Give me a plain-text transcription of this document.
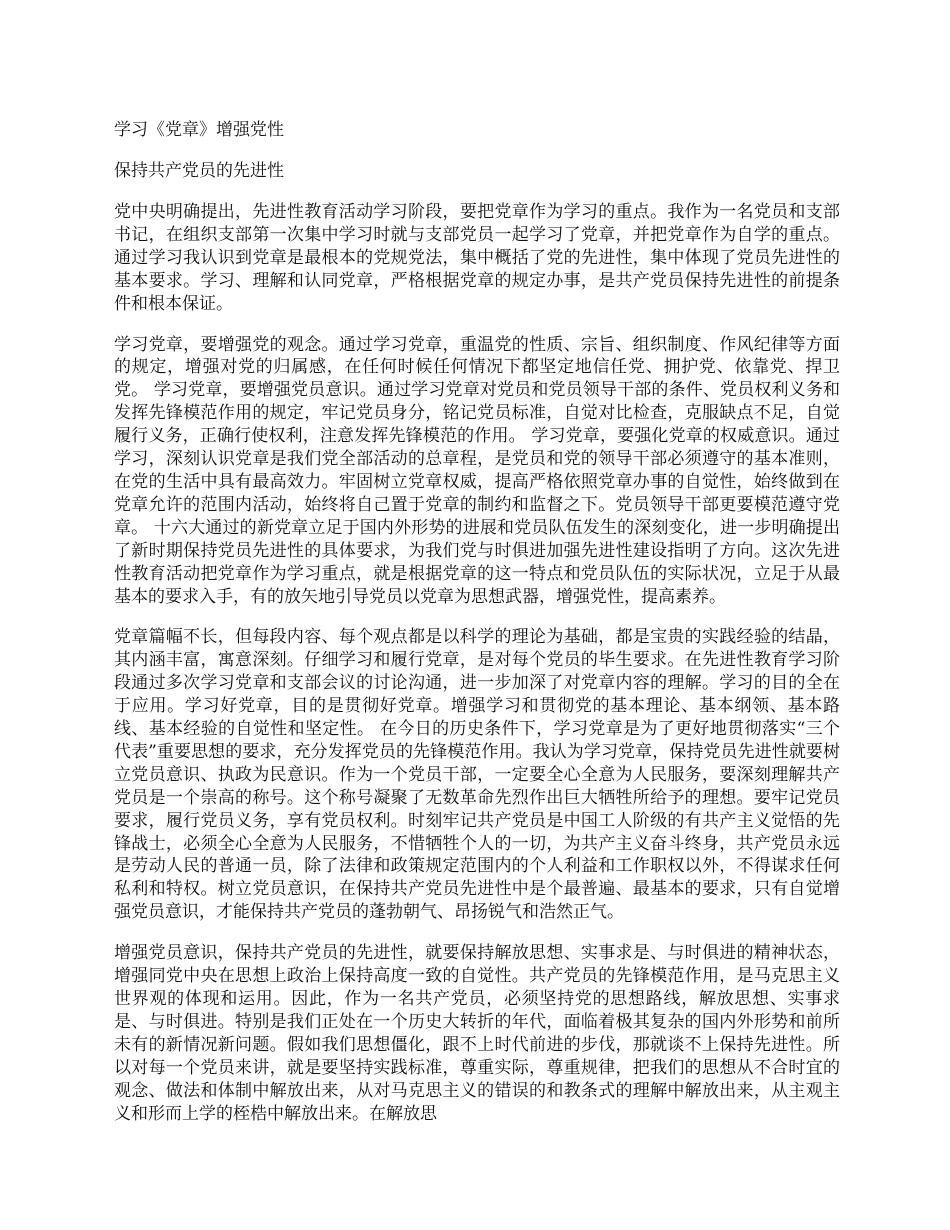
学习《党章》增强党性

保持共产党员的先进性

党中央明确提出，先进性教育活动学习阶段，要把党章作为学习的重点。我作为一名党员和支部书记，在组织支部第一次集中学习时就与支部党员一起学习了党章，并把党章作为自学的重点。通过学习我认识到党章是最根本的党规党法，集中概括了党的先进性，集中体现了党员先进性的基本要求。学习、理解和认同党章，严格根据党章的规定办事，是共产党员保持先进性的前提条件和根本保证。

学习党章，要增强党的观念。通过学习党章，重温党的性质、宗旨、组织制度、作风纪律等方面的规定，增强对党的归属感，在任何时候任何情况下都坚定地信任党、拥护党、依靠党、捍卫党。 学习党章，要增强党员意识。通过学习党章对党员和党员领导干部的条件、党员权利义务和发挥先锋模范作用的规定，牢记党员身分，铭记党员标准，自觉对比检查，克服缺点不足，自觉履行义务，正确行使权利，注意发挥先锋模范的作用。 学习党章，要强化党章的权威意识。通过学习，深刻认识党章是我们党全部活动的总章程，是党员和党的领导干部必须遵守的基本准则，在党的生活中具有最高效力。牢固树立党章权威，提高严格依照党章办事的自觉性，始终做到在党章允许的范围内活动，始终将自己置于党章的制约和监督之下。党员领导干部更要模范遵守党章。 十六大通过的新党章立足于国内外形势的进展和党员队伍发生的深刻变化，进一步明确提出了新时期保持党员先进性的具体要求，为我们党与时俱进加强先进性建设指明了方向。这次先进性教育活动把党章作为学习重点，就是根据党章的这一特点和党员队伍的实际状况，立足于从最基本的要求入手，有的放矢地引导党员以党章为思想武器，增强党性，提高素养。

党章篇幅不长，但每段内容、每个观点都是以科学的理论为基础，都是宝贵的实践经验的结晶，其内涵丰富，寓意深刻。仔细学习和履行党章，是对每个党员的毕生要求。在先进性教育学习阶段通过多次学习党章和支部会议的讨论沟通，进一步加深了对党章内容的理解。学习的目的全在于应用。学习好党章，目的是贯彻好党章。增强学习和贯彻党的基本理论、基本纲领、基本路线、基本经验的自觉性和坚定性。 在今日的历史条件下，学习党章是为了更好地贯彻落实“三个代表”重要思想的要求，充分发挥党员的先锋模范作用。我认为学习党章，保持党员先进性就要树立党员意识、执政为民意识。作为一个党员干部，一定要全心全意为人民服务，要深刻理解共产党员是一个崇高的称号。这个称号凝聚了无数革命先烈作出巨大牺牲所给予的理想。要牢记党员要求，履行党员义务，享有党员权利。时刻牢记共产党员是中国工人阶级的有共产主义觉悟的先锋战士，必须全心全意为人民服务，不惜牺牲个人的一切，为共产主义奋斗终身，共产党员永远是劳动人民的普通一员，除了法律和政策规定范围内的个人利益和工作职权以外，不得谋求任何私利和特权。树立党员意识，在保持共产党员先进性中是个最普遍、最基本的要求，只有自觉增强党员意识，才能保持共产党员的蓬勃朝气、昂扬锐气和浩然正气。

增强党员意识，保持共产党员的先进性，就要保持解放思想、实事求是、与时俱进的精神状态，增强同党中央在思想上政治上保持高度一致的自觉性。共产党员的先锋模范作用，是马克思主义世界观的体现和运用。因此，作为一名共产党员，必须坚持党的思想路线，解放思想、实事求是、与时俱进。特别是我们正处在一个历史大转折的年代，面临着极其复杂的国内外形势和前所未有的新情况新问题。假如我们思想僵化，跟不上时代前进的步伐，那就谈不上保持先进性。所以对每一个党员来讲，就是要坚持实践标准，尊重实际，尊重规律，把我们的思想从不合时宜的观念、做法和体制中解放出来，从对马克思主义的错误的和教条式的理解中解放出来，从主观主义和形而上学的桎梏中解放出来。在解放思
